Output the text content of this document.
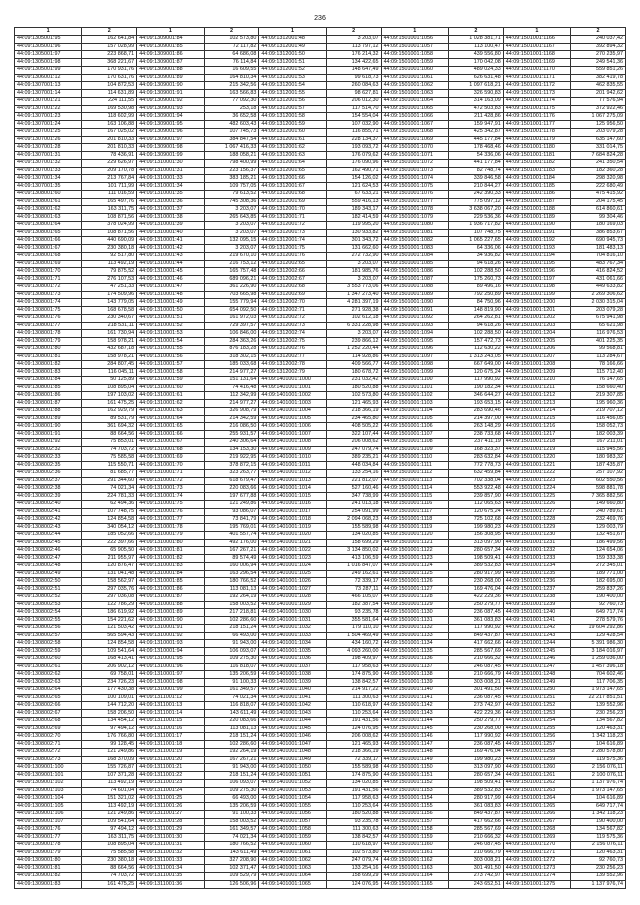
236
1	2	1	2	1	2	1	2	1	2
44:09:1305001:95	162 641,84	44:09:1309001:84	102 573,80	44:09:1312001:48	3 203,07	44:09:1501001:1056	1 028 381,71	44:09:1501001:1166	240 037,42
44:09:1305001:96	157 028,99	44:09:1309001:85	72 117,82	44:09:1312001:49	113 797,12	44:09:1501001:1057	113 100,47	44:09:1501001:1167	392 894,32
44:09:1305001:97	223 868,71	44:09:1309001:86	64 686,08	44:09:1312001:50	176 214,32	44:09:1501001:1058	439 556,80	44:09:1501001:1168	270 235,97
44:09:1305001:98	368 221,67	44:09:1309001:87	76 114,84	44:09:1312001:51	134 422,65	44:09:1501001:1059	170 042,08	44:09:1501001:1169	249 541,36
44:09:1305001:99	170 931,76	44:09:1309001:88	16 609,55	44:09:1312001:52	148 647,49	44:09:1501001:1060	489 024,33	44:09:1501001:1170	559 851,26
44:09:1306001:12	170 631,76	44:09:1309001:89	164 810,34	44:09:1312001:53	99 618,73	44:09:1501001:1061	626 631,48	44:09:1501001:1171	382 419,78
44:09:1307001:13	104 872,53	44:09:1309001:90	215 342,56	44:09:1312001:54	260 084,63	44:09:1501001:1062	1 097 618,21	44:09:1501001:1172	462 835,55
44:09:1307001:14	114 631,89	44:09:1309001:91	163 566,83	44:09:1312001:55	98 627,81	44:09:1501001:1063	326 590,83	44:09:1501001:1173	201 942,62
44:09:1307001:21	224 111,55	44:09:1309001:92	77 092,30	44:09:1312001:56	206 012,30	44:09:1501001:1064	314 163,09	44:09:1501001:1174	77 576,94
44:09:1307001:22	169 530,98	44:09:1309001:93	253,18	44:09:1312001:57	117 514,70	44:09:1501001:1065	472 503,83	44:09:1501001:1175	372 922,46
44:09:1307001:23	118 602,99	44:09:1309001:94	36 652,58	44:09:1312001:58	154 554,04	44:09:1501001:1066	211 428,86	44:09:1501001:1176	1 067 275,09
44:09:1307001:24	163 106,88	44:09:1309001:95	482 603,43	44:09:1312001:59	107 032,90	44:09:1501001:1067	159 947,91	44:09:1501001:1177	125 956,50
44:09:1307001:25	167 025,02	44:09:1309001:96	107 745,73	44:09:1312001:60	116 855,71	44:09:1501001:1068	425 342,87	44:09:1501001:1178	203 079,28
44:09:1307001:26	201 810,33	44:09:1309001:97	384 847,54	44:09:1312001:61	228 134,37	44:09:1501001:1069	445 177,84	44:09:1501001:1179	635 147,60
44:09:1307001:28	201 810,33	44:09:1309001:98	1 067 416,33	44:09:1312001:62	193 093,72	44:09:1501001:1070	178 468,46	44:09:1501001:1180	331 014,75
44:09:1307001:31	78 436,91	44:09:1309001:99	188 058,21	44:09:1312001:63	176 079,62	44:09:1501001:1071	54 336,06	44:09:1501001:1181	7 684 824,28
44:09:1307001:32	229 626,97	44:09:1310001:30	798 400,99	44:09:1312001:64	176 090,96	44:09:1501001:1072	441 177,84	44:09:1501001:1182	241 350,54
44:09:1307001:33	209 170,78	44:09:1310001:31	223 156,37	44:09:1312001:65	162 490,71	44:09:1501001:1073	82 748,74	44:09:1501001:1183	182 360,28
44:09:1307001:34	213 767,84	44:09:1310001:33	383 185,21	44:09:1312001:66	154 126,02	44:09:1501001:1074	339 846,58	44:09:1501001:1184	298 320,98
44:09:1307001:35	101 711,99	44:09:1310001:34	109 757,05	44:09:1312001:67	121 624,53	44:09:1501001:1075	210 844,27	44:09:1501001:1185	222 680,49
44:09:1308001:60	111 016,59	44:09:1310001:35	79 613,52	44:09:1312001:68	67 633,21	44:09:1501001:1076	242 390,33	44:09:1501001:1186	475 415,92
44:09:1308001:61	165 497,76	44:09:1310001:36	745 308,36	44:09:1312001:69	559 416,13	44:09:1501001:1077	775 097,12	44:09:1501001:1187	204 175,45
44:09:1308001:62	163 311,75	44:09:1310001:37	3 203,07	44:09:1312001:70	189 343,17	44:09:1501001:1078	3 638 067,20	44:09:1501001:1188	614 860,61
44:09:1308001:63	108 871,56	44:09:1310001:38	265 643,85	44:09:1312001:71	182 414,59	44:09:1501001:1079	229 536,36	44:09:1501001:1189	99 304,46
44:09:1308001:64	378 024,99	44:09:1310001:39	3 203,07	44:09:1312001:72	119 995,20	44:09:1501001:1080	1 936 717,82	44:09:1501001:1190	180 169,03
44:09:1308001:65	108 871,56	44:09:1310001:40	3 203,07	44:09:1312001:73	130 933,82	44:09:1501001:1081	107 748,75	44:09:1501001:1191	386 853,67
44:09:1308001:66	440 690,09	44:09:1310001:41	132 095,15	44:09:1312001:74	301 343,72	44:09:1501001:1082	1 065 227,65	44:09:1501001:1192	690 945,73
44:09:1308001:67	230 380,18	44:09:1310001:42	3 203,07	44:09:1312001:75	131 662,60	44:09:1501001:1083	64 336,06	44:09:1501001:1193	181 483,13
44:09:1308001:68	92 517,80	44:09:1310001:43	219 670,10	44:09:1312001:76	272 732,90	44:09:1501001:1084	34 936,82	44:09:1501001:1194	704 816,10
44:09:1308001:69	113 492,19	44:09:1310001:44	216 753,12	44:09:1312002:65	3 203,07	44:09:1501001:1085	94 618,26	44:09:1501001:1195	483 767,34
44:09:1308001:70	79 875,52	44:09:1310001:45	165 757,48	44:09:1312002:66	181 985,76	44:09:1501001:1086	102 288,50	44:09:1501001:1196	416 824,52
44:09:1308001:71	276 107,53	44:09:1310001:46	689 096,21	44:09:1312002:67	3 203,07	44:09:1501001:1087	175 260,73	44:09:1501001:1197	431 061,66
44:09:1308001:72	47 251,33	44:09:1310001:47	361 226,90	44:09:1312002:68	3 553 773,06	44:09:1501001:1088	89 496,16	44:09:1501001:1198	449 633,82
44:09:1308001:73	174 509,96	44:09:1310001:48	703 665,98	44:09:1312002:69	1 347 273,40	44:09:1501001:1089	792 250,89	44:09:1501001:1199	2 269 306,62
44:09:1308001:74	143 779,05	44:09:1310001:49	155 779,94	44:09:1312002:70	4 281 397,19	44:09:1501001:1090	84 750,96	44:09:1501001:1200	2 030 315,04
44:09:1308001:75	168 678,58	44:09:1310001:50	654 092,50	44:09:1312002:71	271 928,38	44:09:1501001:1091	148 819,90	44:09:1501001:1201	203 079,28
44:09:1308001:76	230 340,67	44:09:1310001:51	161 972,03	44:09:1312002:72	102 612,18	44:09:1501001:1092	264 262,81	44:09:1501001:1202	675 941,98
44:09:1308001:77	218 531,11	44:09:1310001:52	729 397,57	44:09:1312002:73	6 331 228,98	44:09:1501001:1093	94 618,26	44:09:1501001:1203	65 621,98
44:09:1308001:78	161 730,94	44:09:1310001:53	106 846,00	44:09:1312002:74	3 203,07	44:09:1501001:1094	102 288,50	44:09:1501001:1204	116 976,53
44:09:1308001:79	158 978,21	44:09:1310001:54	284 363,26	44:09:1312002:75	239 866,12	44:09:1501001:1095	157 472,73	44:09:1501001:1205	401 225,35
44:09:1308001:80	432 687,18	44:09:1310001:55	876 183,28	44:09:1312002:76	1 252 220,44	44:09:1501001:1096	112 630,22	44:09:1501001:1206	99 568,81
44:09:1308001:81	158 978,21	44:09:1310001:56	318 302,15	44:09:1312002:77	114 928,86	44:09:1501001:1097	1 313 243,05	44:09:1501001:1207	113 284,67
44:09:1308001:82	284 807,45	44:09:1310001:57	185 033,68	44:09:1312002:78	409 566,77	44:09:1501001:1098	667 649,00	44:09:1501001:1208	78 166,66
44:09:1308001:83	116 045,11	44:09:1310001:58	214 977,27	44:09:1312002:79	180 678,72	44:09:1501001:1099	120 675,24	44:09:1501001:1209	115 712,40
44:09:1308001:84	50 125,89	44:09:1310001:59	151 131,64	44:09:1401001:1000	231 032,42	44:09:1501001:1100	117 990,92	44:09:1501001:1210	76 147,65
44:09:1308001:85	108 895,04	44:09:1310001:60	74 416,48	44:09:1401001:1001	180 520,88	44:09:1501001:1101	190 182,34	44:09:1501001:1211	158 660,40
44:09:1308001:86	197 103,02	44:09:1310001:61	112 342,99	44:09:1401001:1002	102 573,80	44:09:1501001:1102	346 644,27	44:09:1501001:1212	219 307,85
44:09:1308001:87	161 475,25	44:09:1310001:62	214 977,27	44:09:1401001:1003	121 465,93	44:09:1501001:1103	193 653,15	44:09:1501001:1213	195 960,36
44:09:1308001:88	162 929,79	44:09:1310001:63	326 908,79	44:09:1401001:1004	218 366,19	44:09:1501001:1104	283 690,46	44:09:1501001:1214	219 707,12
44:09:1308001:89	89 531,79	44:09:1310001:64	214 342,59	44:09:1401001:1005	234 465,80	44:09:1501001:1105	214 397,00	44:09:1501001:1215	116 456,05
44:09:1308001:90	361 694,32	44:09:1310001:65	216 086,50	44:09:1401001:1006	408 505,22	44:09:1501001:1106	263 148,29	44:09:1501001:1216	158 052,73
44:09:1308001:91	88 664,56	44:09:1310001:66	255 931,57	44:09:1401001:1007	322 107,44	44:09:1501001:1107	238 733,68	44:09:1501001:1217	182 003,39
44:09:1308001:92	75 853,01	44:09:1310001:67	240 306,64	44:09:1401001:1008	206 008,62	44:09:1501001:1108	237 411,19	44:09:1501001:1218	167 211,01
44:09:1308002:32	74 703,72	44:09:1310001:68	134 153,30	44:09:1401001:1009	247 079,74	44:09:1501001:1109	168 323,37	44:09:1501001:1219	115 945,56
44:09:1308002:33	75 585,58	44:09:1310001:69	219 922,95	44:09:1401001:1010	389 235,21	44:09:1501001:1110	283 632,84	44:09:1501001:1220	180 983,32
44:09:1308002:35	115 550,71	44:09:1310001:70	378 872,15	44:09:1401001:1011	448 034,84	44:09:1501001:1111	772 778,73	44:09:1501001:1221	187 435,87
44:09:1308002:36	81 685,77	44:09:1310001:71	323 263,77	44:09:1401001:1012	133 254,16	44:09:1501001:1112	632 459,84	44:09:1501001:1222	257 107,92
44:09:1308002:37	291 344,60	44:09:1310001:72	618 679,47	44:09:1401001:1013	221 812,07	44:09:1501001:1113	702 338,04	44:09:1501001:1223	602 550,56
44:09:1308002:38	74 021,34	44:09:1310001:73	220 083,66	44:09:1401001:1014	527 160,46	44:09:1501001:1114	553 922,48	44:09:1501001:1224	598 881,78
44:09:1308002:39	224 781,33	44:09:1310001:74	197 677,88	44:09:1401001:1015	347 738,99	44:09:1501001:1115	239 857,90	44:09:1501001:1225	7 365 882,56
44:09:1308002:40	62 494,36	44:09:1310001:75	121 249,86	44:09:1401001:1016	241 013,18	44:09:1501001:1116	112 065,63	44:09:1501001:1226	149 660,80
44:09:1308002:41	107 748,75	44:09:1310001:76	93 086,07	44:09:1401001:1017	254 091,99	44:09:1501001:1117	120 675,24	44:09:1501001:1227	240 789,61
44:09:1308002:42	124 854,58	44:09:1310001:77	73 841,79	44:09:1401001:1018	2 094 068,23	44:09:1501001:1118	725 102,68	44:09:1501001:1228	232 469,76
44:09:1308002:43	340 054,12	44:09:1310001:78	195 769,01	44:09:1401001:1019	155 589,98	44:09:1501001:1119	199 980,23	44:09:1501001:1229	129 003,79
44:09:1308002:44	185 052,66	44:09:1310001:79	401 557,74	44:09:1401001:1020	134 020,85	44:09:1501001:1120	156 308,95	44:09:1501001:1230	132 451,67
44:09:1308002:45	222 397,66	44:09:1310001:80	492 176,00	44:09:1401001:1021	158 699,29	44:09:1501001:1121	313 097,90	44:09:1501001:1231	186 499,56
44:09:1308002:46	65 905,50	44:09:1310001:81	167 267,21	44:09:1401001:1022	3 134 850,02	44:09:1501001:1122	280 657,34	44:09:1501001:1232	124 654,06
44:09:1308002:47	211 955,97	44:09:1310001:82	89 574,49	44:09:1401001:1023	413 106,59	44:09:1501001:1123	198 509,41	44:09:1501001:1233	159 333,38
44:09:1308002:48	120 876,47	44:09:1310001:83	160 006,94	44:09:1401001:1024	1 016 847,07	44:09:1501001:1124	389 532,83	44:09:1501001:1234	272 345,01
44:09:1308002:49	131 041,48	44:09:1310001:84	163 296,54	44:09:1401001:1025	249 162,61	44:09:1501001:1125	280 917,99	44:09:1501001:1235	189 771,00
44:09:1308002:50	158 562,97	44:09:1310001:85	180 766,52	44:09:1401001:1026	72 339,17	44:09:1501001:1126	230 268,00	44:09:1501001:1236	182 695,00
44:09:1308002:51	297 035,76	44:09:1310001:86	113 081,13	44:09:1401001:1027	73 287,11	44:09:1501001:1127	169 476,04	44:09:1501001:1237	259 837,26
44:09:1308002:52	297 036,08	44:09:1310001:87	192 264,19	44:09:1401001:1028	466 105,07	44:09:1501001:1128	422 229,36	44:09:1501001:1238	190 400,00
44:09:1308002:53	122 786,29	44:09:1310001:88	158 003,52	44:09:1401001:1029	182 387,54	44:09:1501001:1129	250 279,77	44:09:1501001:1239	92 760,73
44:09:1308002:54	186 619,92	44:09:1310001:89	217 218,81	44:09:1401001:1030	93 235,78	44:09:1501001:1130	236 087,45	44:09:1501001:1240	649 717,74
44:09:1308002:55	154 221,62	44:09:1310001:90	102 286,60	44:09:1401001:1031	355 581,64	44:09:1501001:1131	361 083,83	44:09:1501001:1241	278 579,76
44:09:1308002:56	121 503,42	44:09:1310001:91	218 151,24	44:09:1401001:1032	179 110,10	44:09:1501001:1132	117 990,92	44:09:1501001:1242	19 604 292,86
44:09:1308002:57	565 594,43	44:09:1310001:92	66 493,00	44:09:1401001:1033	1 504 469,49	44:09:1501001:1133	849 437,87	44:09:1501001:1243	129 428,54
44:09:1308002:58	124 854,58	44:09:1310001:93	91 943,00	44:09:1401001:1034	434 160,72	44:09:1501001:1134	417 662,66	44:09:1501001:1244	5 391 986,30
44:09:1308002:59	109 541,64	44:09:1310001:94	106 093,07	44:09:1401001:1035	4 093 260,00	44:09:1501001:1135	285 567,69	44:09:1501001:1245	3 184 016,97
44:09:1308002:60	168 413,41	44:09:1310001:95	109 275,30	44:09:1401001:1036	198 409,97	44:09:1501001:1136	210 666,32	44:09:1501001:1246	1 259 036,00
44:09:1308002:61	206 902,12	44:09:1310001:96	116 818,07	44:09:1401001:1037	117 958,63	44:09:1501001:1137	246 087,45	44:09:1501001:1247	1 457 396,18
44:09:1308002:62	69 758,01	44:09:1310001:97	135 206,59	44:09:1401001:1038	174 875,90	44:09:1501001:1138	210 666,79	44:09:1501001:1248	704 602,46
44:09:1308002:63	234 726,23	44:09:1310001:98	91 100,33	44:09:1401001:1039	138 842,57	44:09:1501001:1139	303 008,21	44:09:1501001:1249	117 706,35
44:09:1308002:64	177 430,38	44:09:1310001:99	161 349,57	44:09:1401001:1040	214 917,22	44:09:1501001:1140	301 491,50	44:09:1501001:1250	1 973 147,65
44:09:1308002:65	100 109,01	44:09:1311001:12	74 021,34	44:09:1401001:1041	111 300,63	44:09:1501001:1141	236 087,45	44:09:1501001:1251	22 217 851,51
44:09:1308002:66	144 712,20	44:09:1311001:13	116 818,07	44:09:1401001:1042	110 618,97	44:09:1501001:1142	273 742,97	44:09:1501001:1252	139 552,96
44:09:1308002:67	158 206,50	44:09:1311001:14	143 611,49	44:09:1401001:1043	110 253,64	44:09:1501001:1143	422 229,36	44:09:1501001:1253	230 256,23
44:09:1308002:68	134 454,12	44:09:1311001:15	220 083,66	44:09:1401001:1044	191 431,56	44:09:1501001:1144	250 279,77	44:09:1501001:1254	134 567,82
44:09:1308002:69	97 494,12	44:09:1311001:16	113 081,13	44:09:1401001:1045	124 076,95	44:09:1501001:1145	230 268,00	44:09:1501001:1255	120 463,31
44:09:1308002:70	176 766,80	44:09:1311001:17	218 151,24	44:09:1401001:1046	206 008,62	44:09:1501001:1146	117 990,92	44:09:1501001:1256	1 342 118,23
44:09:1308002:71	99 128,45	44:09:1311001:18	102 286,60	44:09:1401001:1047	121 465,93	44:09:1501001:1147	236 087,45	44:09:1501001:1257	104 616,89
44:09:1308002:72	121 249,86	44:09:1311001:19	192 264,19	44:09:1401001:1048	218 366,19	44:09:1501001:1148	169 476,04	44:09:1501001:1258	2 280 578,80
44:09:1308002:73	168 370,09	44:09:1311001:20	167 267,21	44:09:1401001:1049	72 339,17	44:09:1501001:1149	199 980,23	44:09:1501001:1259	119 575,36
44:09:1309001:100	155 726,87	44:09:1311001:21	91 943,00	44:09:1401001:1050	155 589,98	44:09:1501001:1150	313 097,90	44:09:1501001:1260	2 156 076,11
44:09:1309001:101	107 371,28	44:09:1311001:22	218 151,24	44:09:1401001:1051	174 875,90	44:09:1501001:1151	280 657,34	44:09:1501001:1261	2 100 076,11
44:09:1309001:102	113 492,19	44:09:1311001:23	106 093,07	44:09:1401001:1052	134 020,85	44:09:1501001:1152	198 509,41	44:09:1501001:1262	1 137 976,74
44:09:1309001:103	74 601,04	44:09:1311001:24	109 275,30	44:09:1401001:1053	191 431,56	44:09:1501001:1153	389 532,83	44:09:1501001:1263	1 973 147,65
44:09:1309001:104	151 321,02	44:09:1311001:25	66 493,00	44:09:1401001:1054	117 958,63	44:09:1501001:1154	280 917,99	44:09:1501001:1264	104 616,89
44:09:1309001:105	113 492,19	44:09:1311001:26	135 206,59	44:09:1401001:1055	110 253,64	44:09:1501001:1155	361 083,83	44:09:1501001:1265	649 717,74
44:09:1309001:106	121 249,86	44:09:1311001:27	91 100,33	44:09:1401001:1056	180 520,88	44:09:1501001:1156	849 437,87	44:09:1501001:1266	1 342 118,23
44:09:1309001:107	109 541,64	44:09:1311001:28	158 003,52	44:09:1401001:1057	93 235,78	44:09:1501001:1157	417 662,66	44:09:1501001:1267	190 400,00
44:09:1309001:76	97 494,12	44:09:1311001:29	161 349,57	44:09:1401001:1058	111 300,63	44:09:1501001:1158	285 567,69	44:09:1501001:1268	134 567,82
44:09:1309001:77	163 311,75	44:09:1311001:30	74 021,34	44:09:1401001:1059	138 842,57	44:09:1501001:1159	210 666,32	44:09:1501001:1269	119 575,36
44:09:1309001:78	108 895,04	44:09:1311001:31	180 766,52	44:09:1401001:1060	110 618,97	44:09:1501001:1160	246 087,45	44:09:1501001:1270	2 156 076,11
44:09:1309001:79	75 585,58	44:09:1311001:32	143 611,49	44:09:1401001:1061	102 573,80	44:09:1501001:1161	210 666,79	44:09:1501001:1271	120 463,31
44:09:1309001:80	230 380,18	44:09:1311001:33	327 208,90	44:09:1401001:1062	247 079,74	44:09:1501001:1162	303 008,21	44:09:1501001:1272	92 760,73
44:09:1309001:81	88 664,56	44:09:1311001:34	102 371,47	44:09:1401001:1063	133 254,16	44:09:1501001:1163	301 491,50	44:09:1501001:1273	230 256,23
44:09:1309001:82	74 703,72	44:09:1311001:35	109 529,79	44:09:1401001:1064	158 699,29	44:09:1501001:1164	273 742,97	44:09:1501001:1274	139 552,96
44:09:1309001:83	161 475,25	44:09:1311001:36	126 506,96	44:09:1401001:1065	124 076,95	44:09:1501001:1165	243 652,51	44:09:1501001:1275	1 137 976,74
